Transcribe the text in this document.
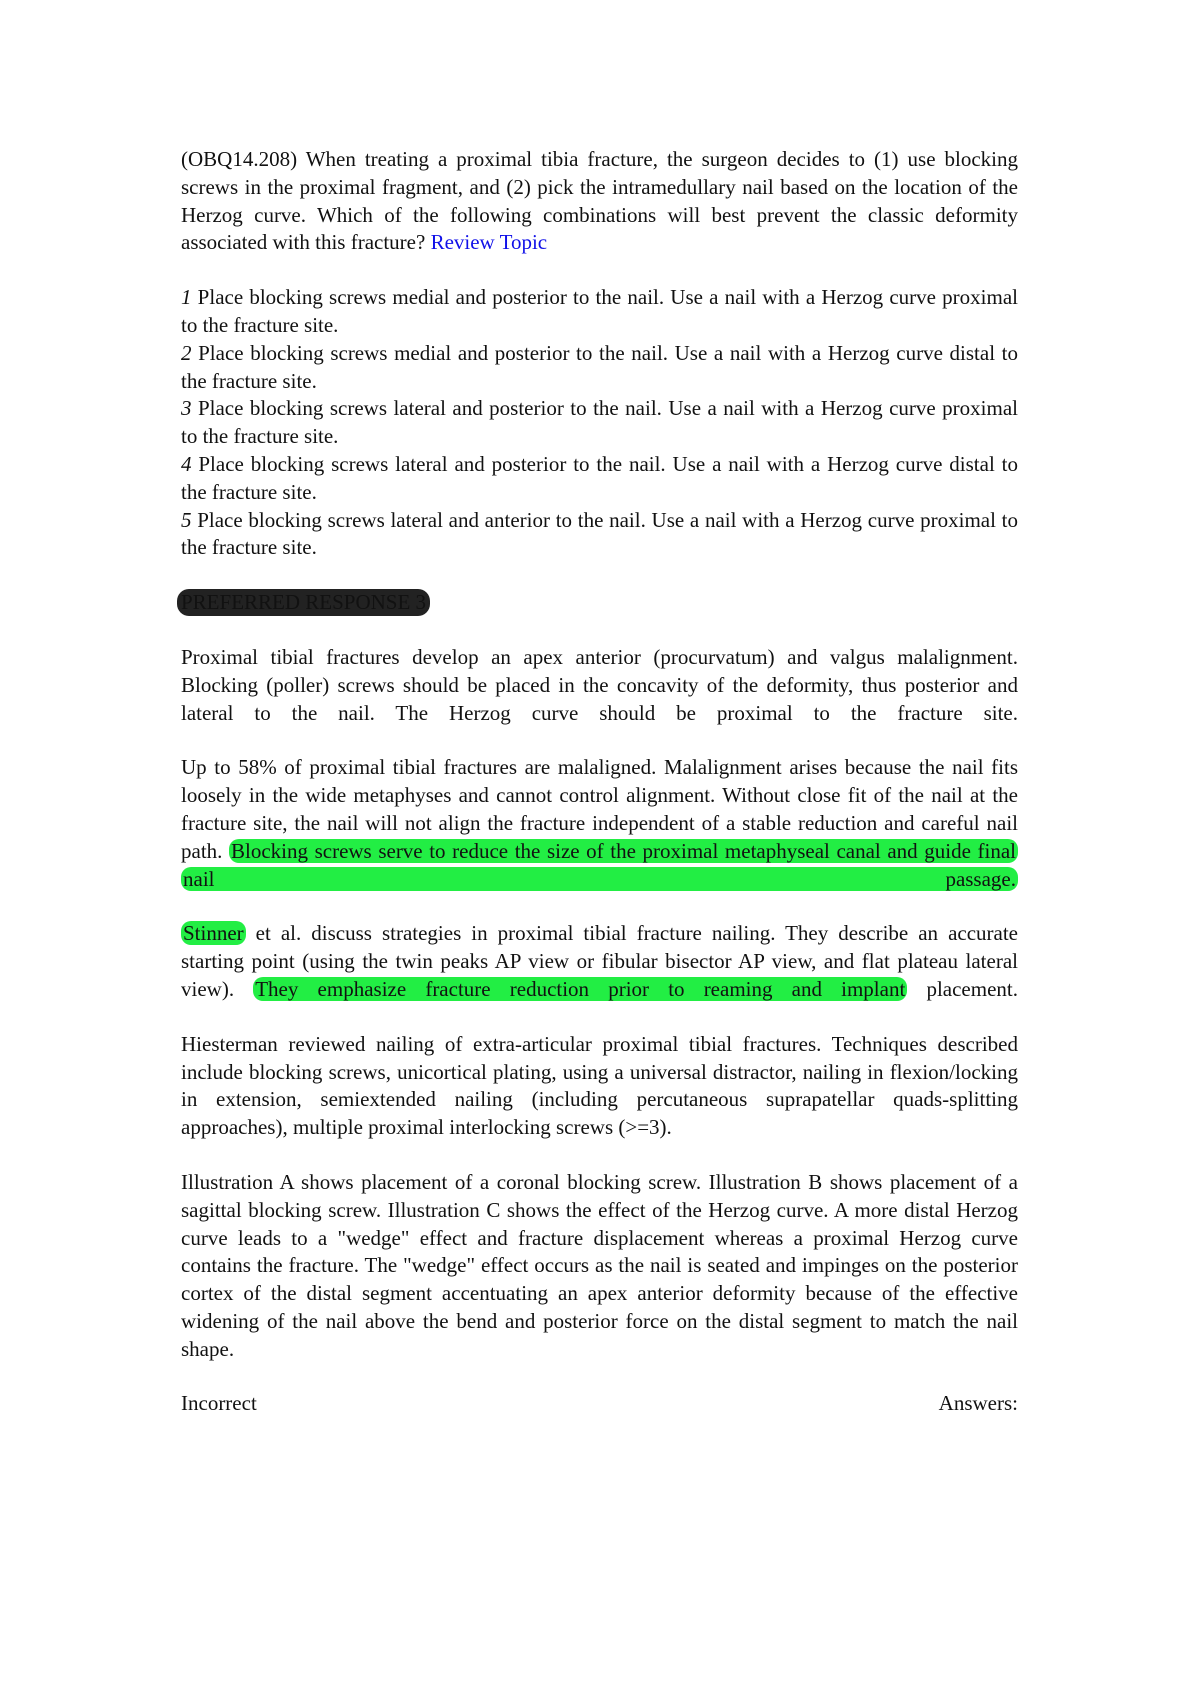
(OBQ14.208) When treating a proximal tibia fracture, the surgeon decides to (1) use blocking screws in the proximal fragment, and (2) pick the intramedullary nail based on the location of the Herzog curve. Which of the following combinations will best prevent the classic deformity associated with this fracture? Review Topic

1 Place blocking screws medial and posterior to the nail. Use a nail with a Herzog curve proximal to the fracture site.

2 Place blocking screws medial and posterior to the nail. Use a nail with a Herzog curve distal to the fracture site.

3 Place blocking screws lateral and posterior to the nail. Use a nail with a Herzog curve proximal to the fracture site.

4 Place blocking screws lateral and posterior to the nail. Use a nail with a Herzog curve distal to the fracture site.

5 Place blocking screws lateral and anterior to the nail. Use a nail with a Herzog curve proximal to the fracture site.

PREFERRED RESPONSE 3

Proximal tibial fractures develop an apex anterior (procurvatum) and valgus malalignment. Blocking (poller) screws should be placed in the concavity of the deformity, thus posterior and lateral to the nail. The Herzog curve should be proximal to the fracture site.

Up to 58% of proximal tibial fractures are malaligned. Malalignment arises because the nail fits loosely in the wide metaphyses and cannot control alignment. Without close fit of the nail at the fracture site, the nail will not align the fracture independent of a stable reduction and careful nail path. Blocking screws serve to reduce the size of the proximal metaphyseal canal and guide final nail passage.

Stinner et al. discuss strategies in proximal tibial fracture nailing. They describe an accurate starting point (using the twin peaks AP view or fibular bisector AP view, and flat plateau lateral view). They emphasize fracture reduction prior to reaming and implant placement.

Hiesterman reviewed nailing of extra-articular proximal tibial fractures. Techniques described include blocking screws, unicortical plating, using a universal distractor, nailing in flexion/locking in extension, semiextended nailing (including percutaneous suprapatellar quads-splitting approaches), multiple proximal interlocking screws (>=3).

Illustration A shows placement of a coronal blocking screw. Illustration B shows placement of a sagittal blocking screw. Illustration C shows the effect of the Herzog curve. A more distal Herzog curve leads to a "wedge" effect and fracture displacement whereas a proximal Herzog curve contains the fracture. The "wedge" effect occurs as the nail is seated and impinges on the posterior cortex of the distal segment accentuating an apex anterior deformity because of the effective widening of the nail above the bend and posterior force on the distal segment to match the nail shape.

Incorrect Answers:
